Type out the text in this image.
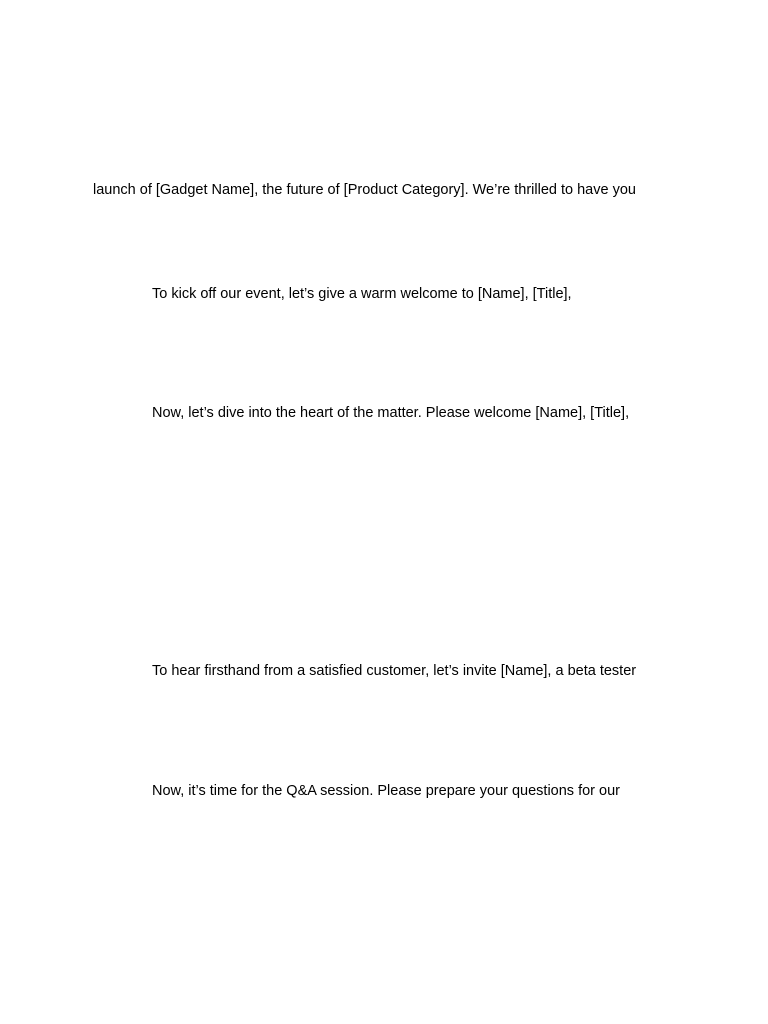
launch of [Gadget Name], the future of [Product Category]. We’re thrilled to have you

To kick off our event, let’s give a warm welcome to [Name], [Title],

Now, let’s dive into the heart of the matter. Please welcome [Name], [Title],

To hear firsthand from a satisfied customer, let’s invite [Name], a beta tester

Now, it’s time for the Q&A session. Please prepare your questions for our
